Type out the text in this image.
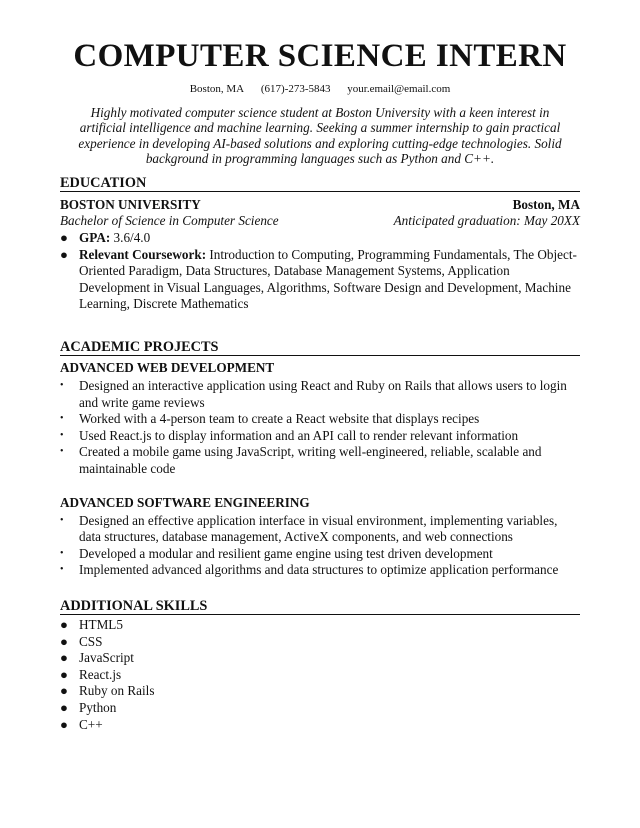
COMPUTER SCIENCE INTERN
Boston, MA (617)-273-5843 your.email@email.com

Highly motivated computer science student at Boston University with a keen interest in artificial intelligence and machine learning. Seeking a summer internship to gain practical experience in developing AI-based solutions and exploring cutting-edge technologies. Solid background in programming languages such as Python and C++.

EDUCATION
BOSTON UNIVERSITY	Boston, MA
Bachelor of Science in Computer Science	Anticipated graduation: May 20XX
● GPA: 3.6/4.0
● Relevant Coursework: Introduction to Computing, Programming Fundamentals, The Object-Oriented Paradigm, Data Structures, Database Management Systems, Application Development in Visual Languages, Algorithms, Software Design and Development, Machine Learning, Discrete Mathematics
ACADEMIC PROJECTS
ADVANCED WEB DEVELOPMENT
•	Designed an interactive application using React and Ruby on Rails that allows users to login and write game reviews
•	Worked with a 4-person team to create a React website that displays recipes
•	Used React.js to display information and an API call to render relevant information
•	Created a mobile game using JavaScript, writing well-engineered, reliable, scalable and maintainable code
ADVANCED SOFTWARE ENGINEERING
•	Designed an effective application interface in visual environment, implementing variables, data structures, database management, ActiveX components, and web connections
•	Developed a modular and resilient game engine using test driven development
•	Implemented advanced algorithms and data structures to optimize application performance
ADDITIONAL SKILLS
● HTML5
● CSS
● JavaScript
● React.js
● Ruby on Rails
● Python
● C++
